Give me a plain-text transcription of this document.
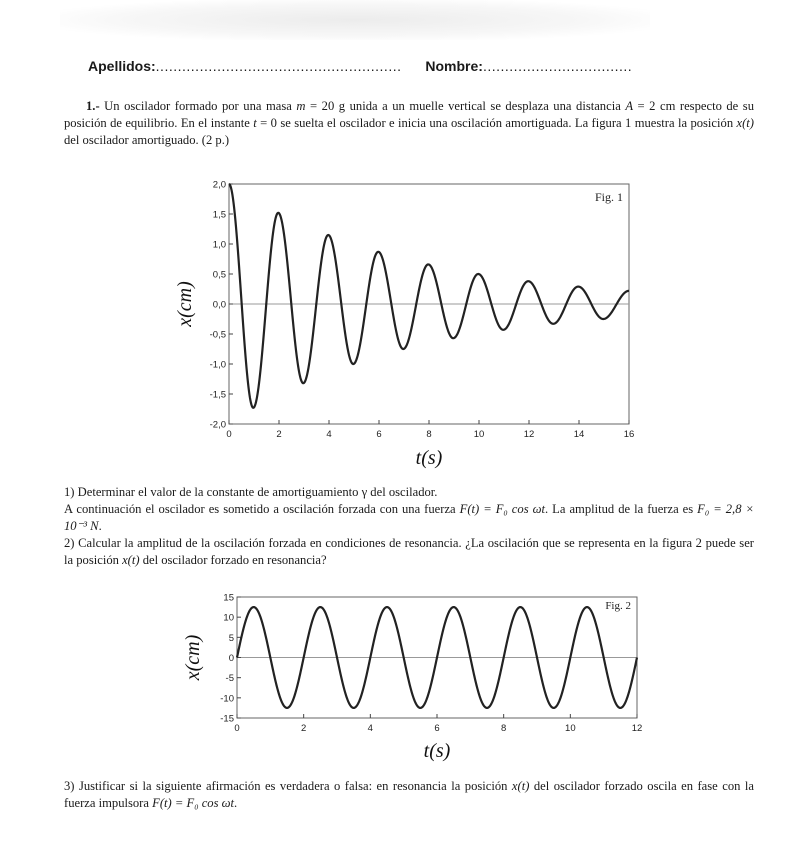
Apellidos:........................................................ Nombre:..................................
1.- Un oscilador formado por una masa m = 20 g unida a un muelle vertical se desplaza una distancia A = 2 cm respecto de su posición de equilibrio. En el instante t = 0 se suelta el oscilador e inicia una oscilación amortiguada. La figura 1 muestra la posición x(t) del oscilador amortiguado. (2 p.)
0	2	4	6	8	10	12	14	16
2,0
1,5
1,0
0,5
0,0
-0,5
-1,0
-1,5
-2,0
Fig. 1
t(s)
x(cm)
1) Determinar el valor de la constante de amortiguamiento γ del oscilador.
A continuación el oscilador es sometido a oscilación forzada con una fuerza F(t) = F₀ cos ωt. La amplitud de la fuerza es F₀ = 2,8 × 10⁻³ N.
2) Calcular la amplitud de la oscilación forzada en condiciones de resonancia. ¿La oscilación que se representa en la figura 2 puede ser la posición x(t) del oscilador forzado en resonancia?
0	2	4	6	8	10	12
15
10
5
0
-5
-10
-15
Fig. 2
t(s)
x(cm)
3) Justificar si la siguiente afirmación es verdadera o falsa: en resonancia la posición x(t) del oscilador forzado oscila en fase con la fuerza impulsora F(t) = F₀ cos ωt.
